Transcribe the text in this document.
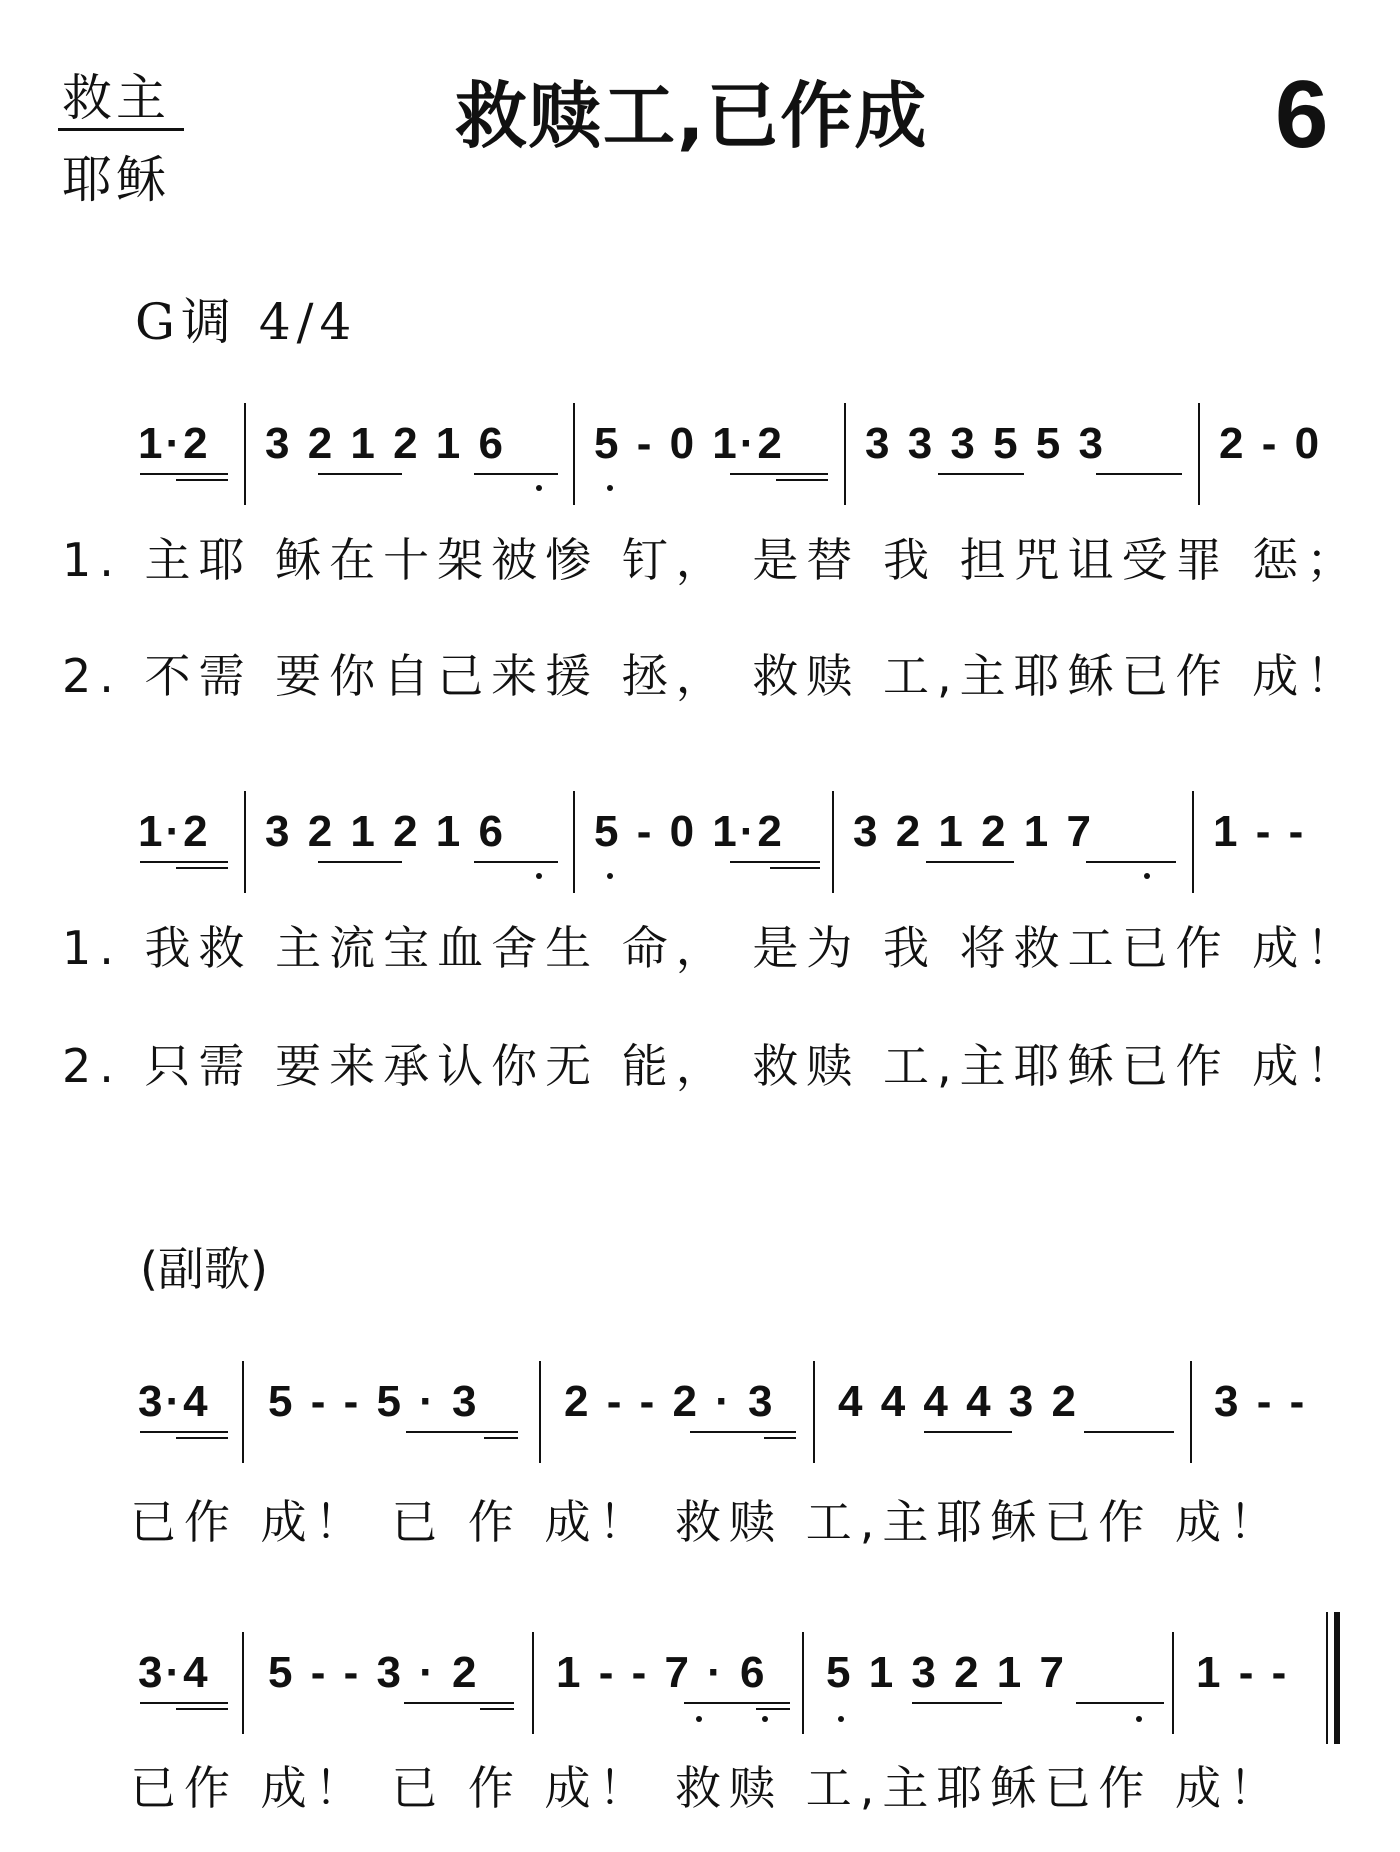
救主
耶稣
救赎工,已作成	6
G调 4/4
1·2 3 2 1 2 1 6 5 - 0 1·2 3 3 3 5 5 3	2 - 0
1. 主耶 稣在十架被惨 钉， 是替 我 担咒诅受罪 惩；
2. 不需 要你自己来援 拯， 救赎 工,主耶稣已作 成！
1·2 3 2 1 2 1 6 5 - 0 1·2 3 2 1 2 1 7	1 - -
1. 我救 主流宝血舍生 命， 是为 我 将救工已作 成！
2. 只需 要来承认你无 能， 救赎 工,主耶稣已作 成！
(副歌)
3·4 5 - - 5 · 3 2 - - 2 · 3 4 4 4 4 3 2	3 - -
已作 成！ 已 作 成！ 救赎 工,主耶稣已作 成！
3·4 5 - - 3 · 2 1 - - 7 · 6 5 1 3 2 1 7	1 - -
已作 成！ 已 作 成！ 救赎 工,主耶稣已作 成！
